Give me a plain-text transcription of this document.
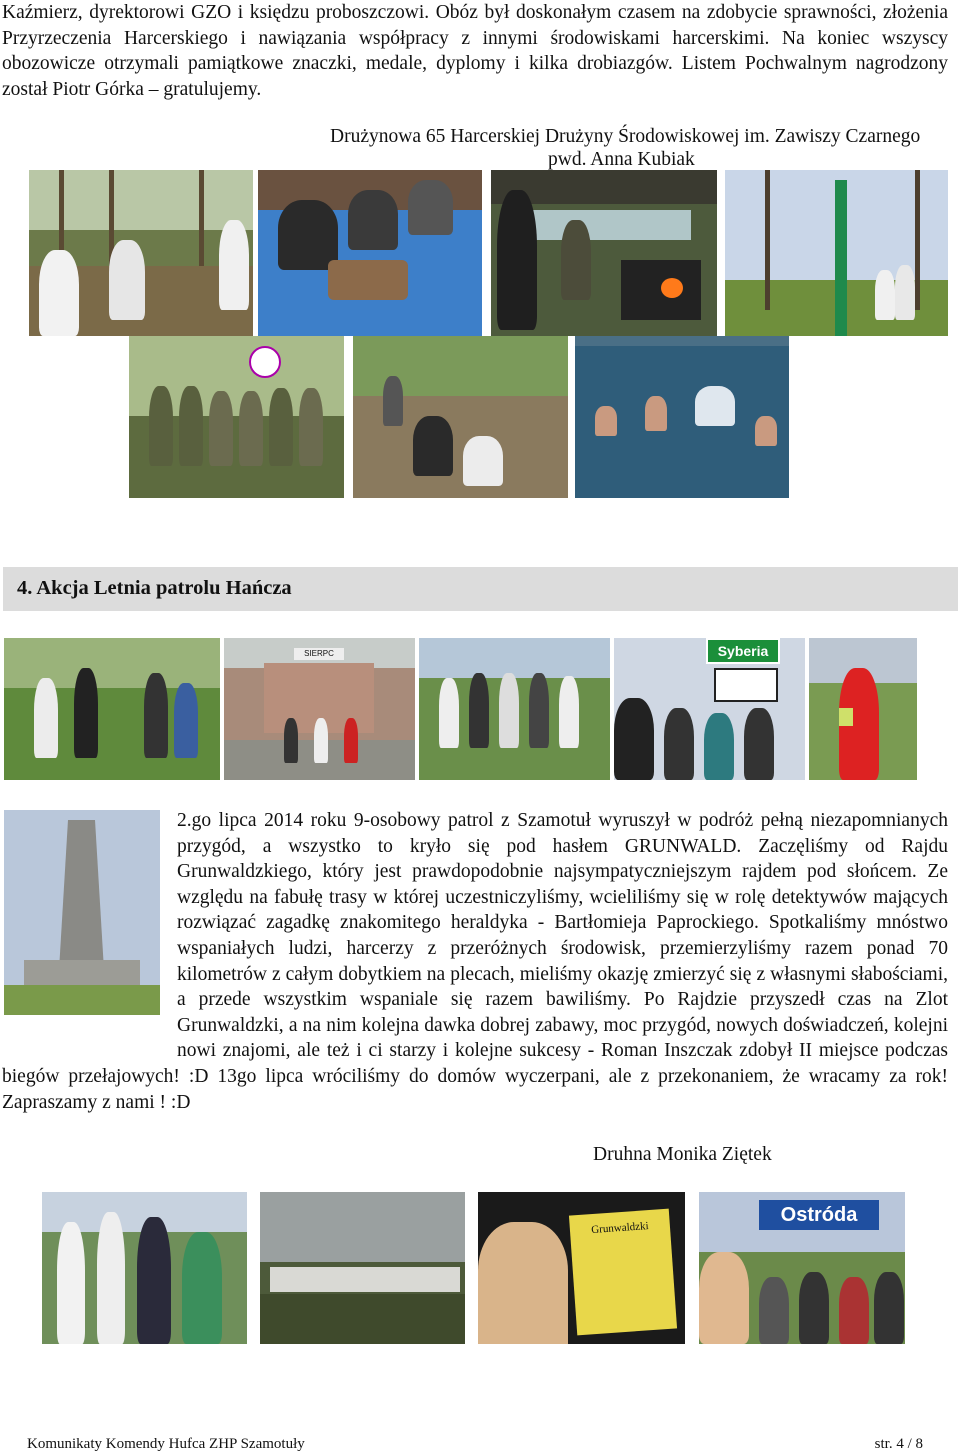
Kaźmierz, dyrektorowi GZO i księdzu proboszczowi. Obóz był doskonałym czasem na zdobycie sprawności, złożenia Przyrzeczenia Harcerskiego i nawiązania współpracy z innymi środowiskami harcerskimi. Na koniec wszyscy obozowicze otrzymali pamiątkowe znaczki, medale, dyplomy i kilka drobiazgów. Listem Pochwalnym nagrodzony został Piotr Górka – gratulujemy.

Drużynowa 65 Harcerskiej Drużyny Środowiskowej im. Zawiszy Czarnego
pwd. Anna Kubiak
4. Akcja Letnia patrolu Hańcza
SIERPC	Syberia

2.go lipca 2014 roku 9-osobowy patrol z Szamotuł wyruszył w podróż pełną niezapomnianych przygód, a wszystko to kryło się pod hasłem GRUNWALD. Zaczęliśmy od Rajdu Grunwaldzkiego, który jest prawdopodobnie najsympatyczniejszym rajdem pod słońcem. Ze względu na fabułę trasy w której uczestniczyliśmy, wcieliliśmy się w rolę detektywów mających rozwiązać zagadkę znakomitego heraldyka - Bartłomieja Paprockiego. Spotkaliśmy mnóstwo wspaniałych ludzi, harcerzy z przeróżnych środowisk, przemierzyliśmy razem ponad 70 kilometrów z całym dobytkiem na plecach, mieliśmy okazję zmierzyć się z własnymi słabościami, a przede wszystkim wspaniale się razem bawiliśmy. Po Rajdzie przyszedł czas na Zlot Grunwaldzki, a na nim kolejna dawka dobrej zabawy, moc przygód, nowych doświadczeń, kolejni nowi znajomi, ale też i ci starzy i kolejne sukcesy - Roman Inszczak zdobył II miejsce podczas biegów przełajowych! :D 13go lipca wróciliśmy do domów wyczerpani, ale z przekonaniem, że wracamy za rok! Zapraszamy z nami ! :D

Druhna Monika Ziętek
Grunwaldzki
Ostróda
Komunikaty Komendy Hufca ZHP Szamotuły	str. 4 / 8
